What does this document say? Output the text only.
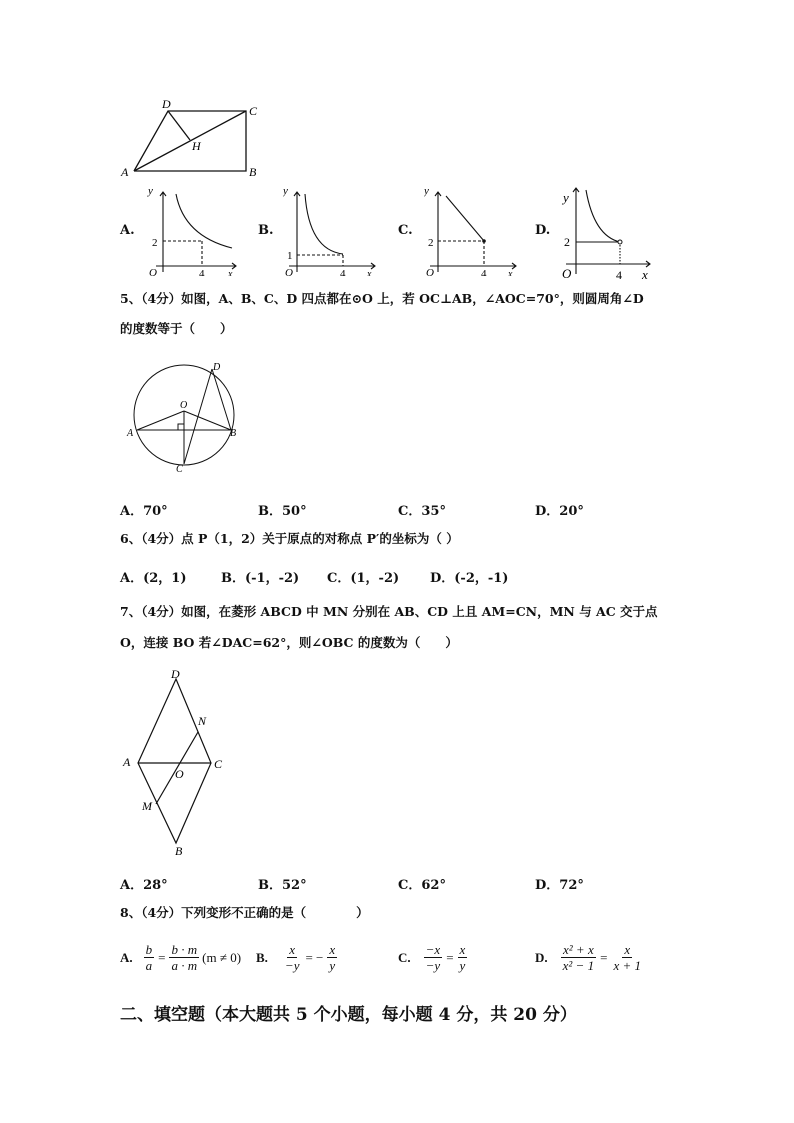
D	C
A	B
H
A.
y
x
O	4
2
B.
y
x
O	4
1
C.
y
x
O	4
2
D.
y
x
O	4
2
5、（4分）如图，A、B、C、D 四点都在⊙O 上，若 OC⊥AB，∠AOC=70°，则圆周角∠D
的度数等于（　　）
D
O
A	B
C
A．70°	B．50°	C．35°	D．20°
6、（4分）点 P（1，2）关于原点的对称点 P′的坐标为（ ）
A．(2，1)	B．(-1，-2) C．(1，-2) D．(-2，-1)
7、（4分）如图，在菱形 ABCD 中 MN 分别在 AB、CD 上且 AM=CN，MN 与 AC 交于点
O，连接 BO 若∠DAC=62°，则∠OBC 的度数为（　　）
D
N
A
O
C
M
B
A．28°	B．52°	C．62°	D．72°
8、（4分）下列变形不正确的是（　　　　）
A. $\frac{b}{a} = \frac{b \cdot m}{a \cdot m} (m \ne 0)$ B. $\frac{x}{-y}$ = − $\frac{x}{y}$	C. $\frac{-x}{-y} = \frac{x}{y}$	D. $\frac{\text{x² + x}}{\text{x² − 1}} = \frac{x}{x + 1}$
二、填空题（本大题共 5 个小题，每小题 4 分，共 20 分）
